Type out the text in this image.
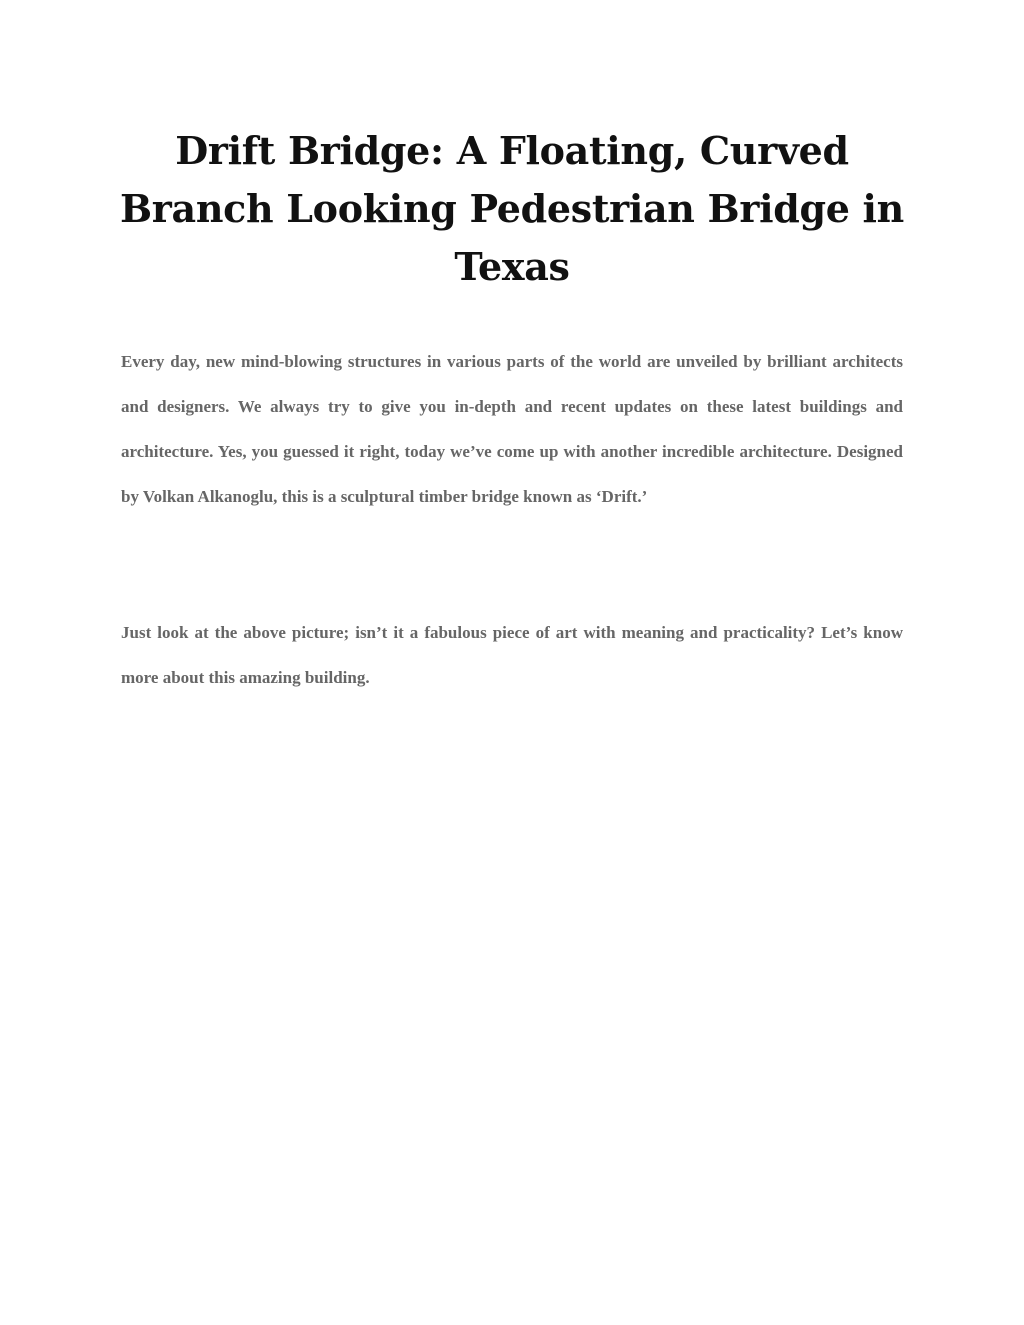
Drift Bridge: A Floating, Curved Branch Looking Pedestrian Bridge in Texas

Every day, new mind-blowing structures in various parts of the world are unveiled by brilliant architects and designers. We always try to give you in-depth and recent updates on these latest buildings and architecture. Yes, you guessed it right, today we’ve come up with another incredible architecture. Designed by Volkan Alkanoglu, this is a sculptural timber bridge known as ‘Drift.’

Just look at the above picture; isn’t it a fabulous piece of art with meaning and practicality? Let’s know more about this amazing building.
